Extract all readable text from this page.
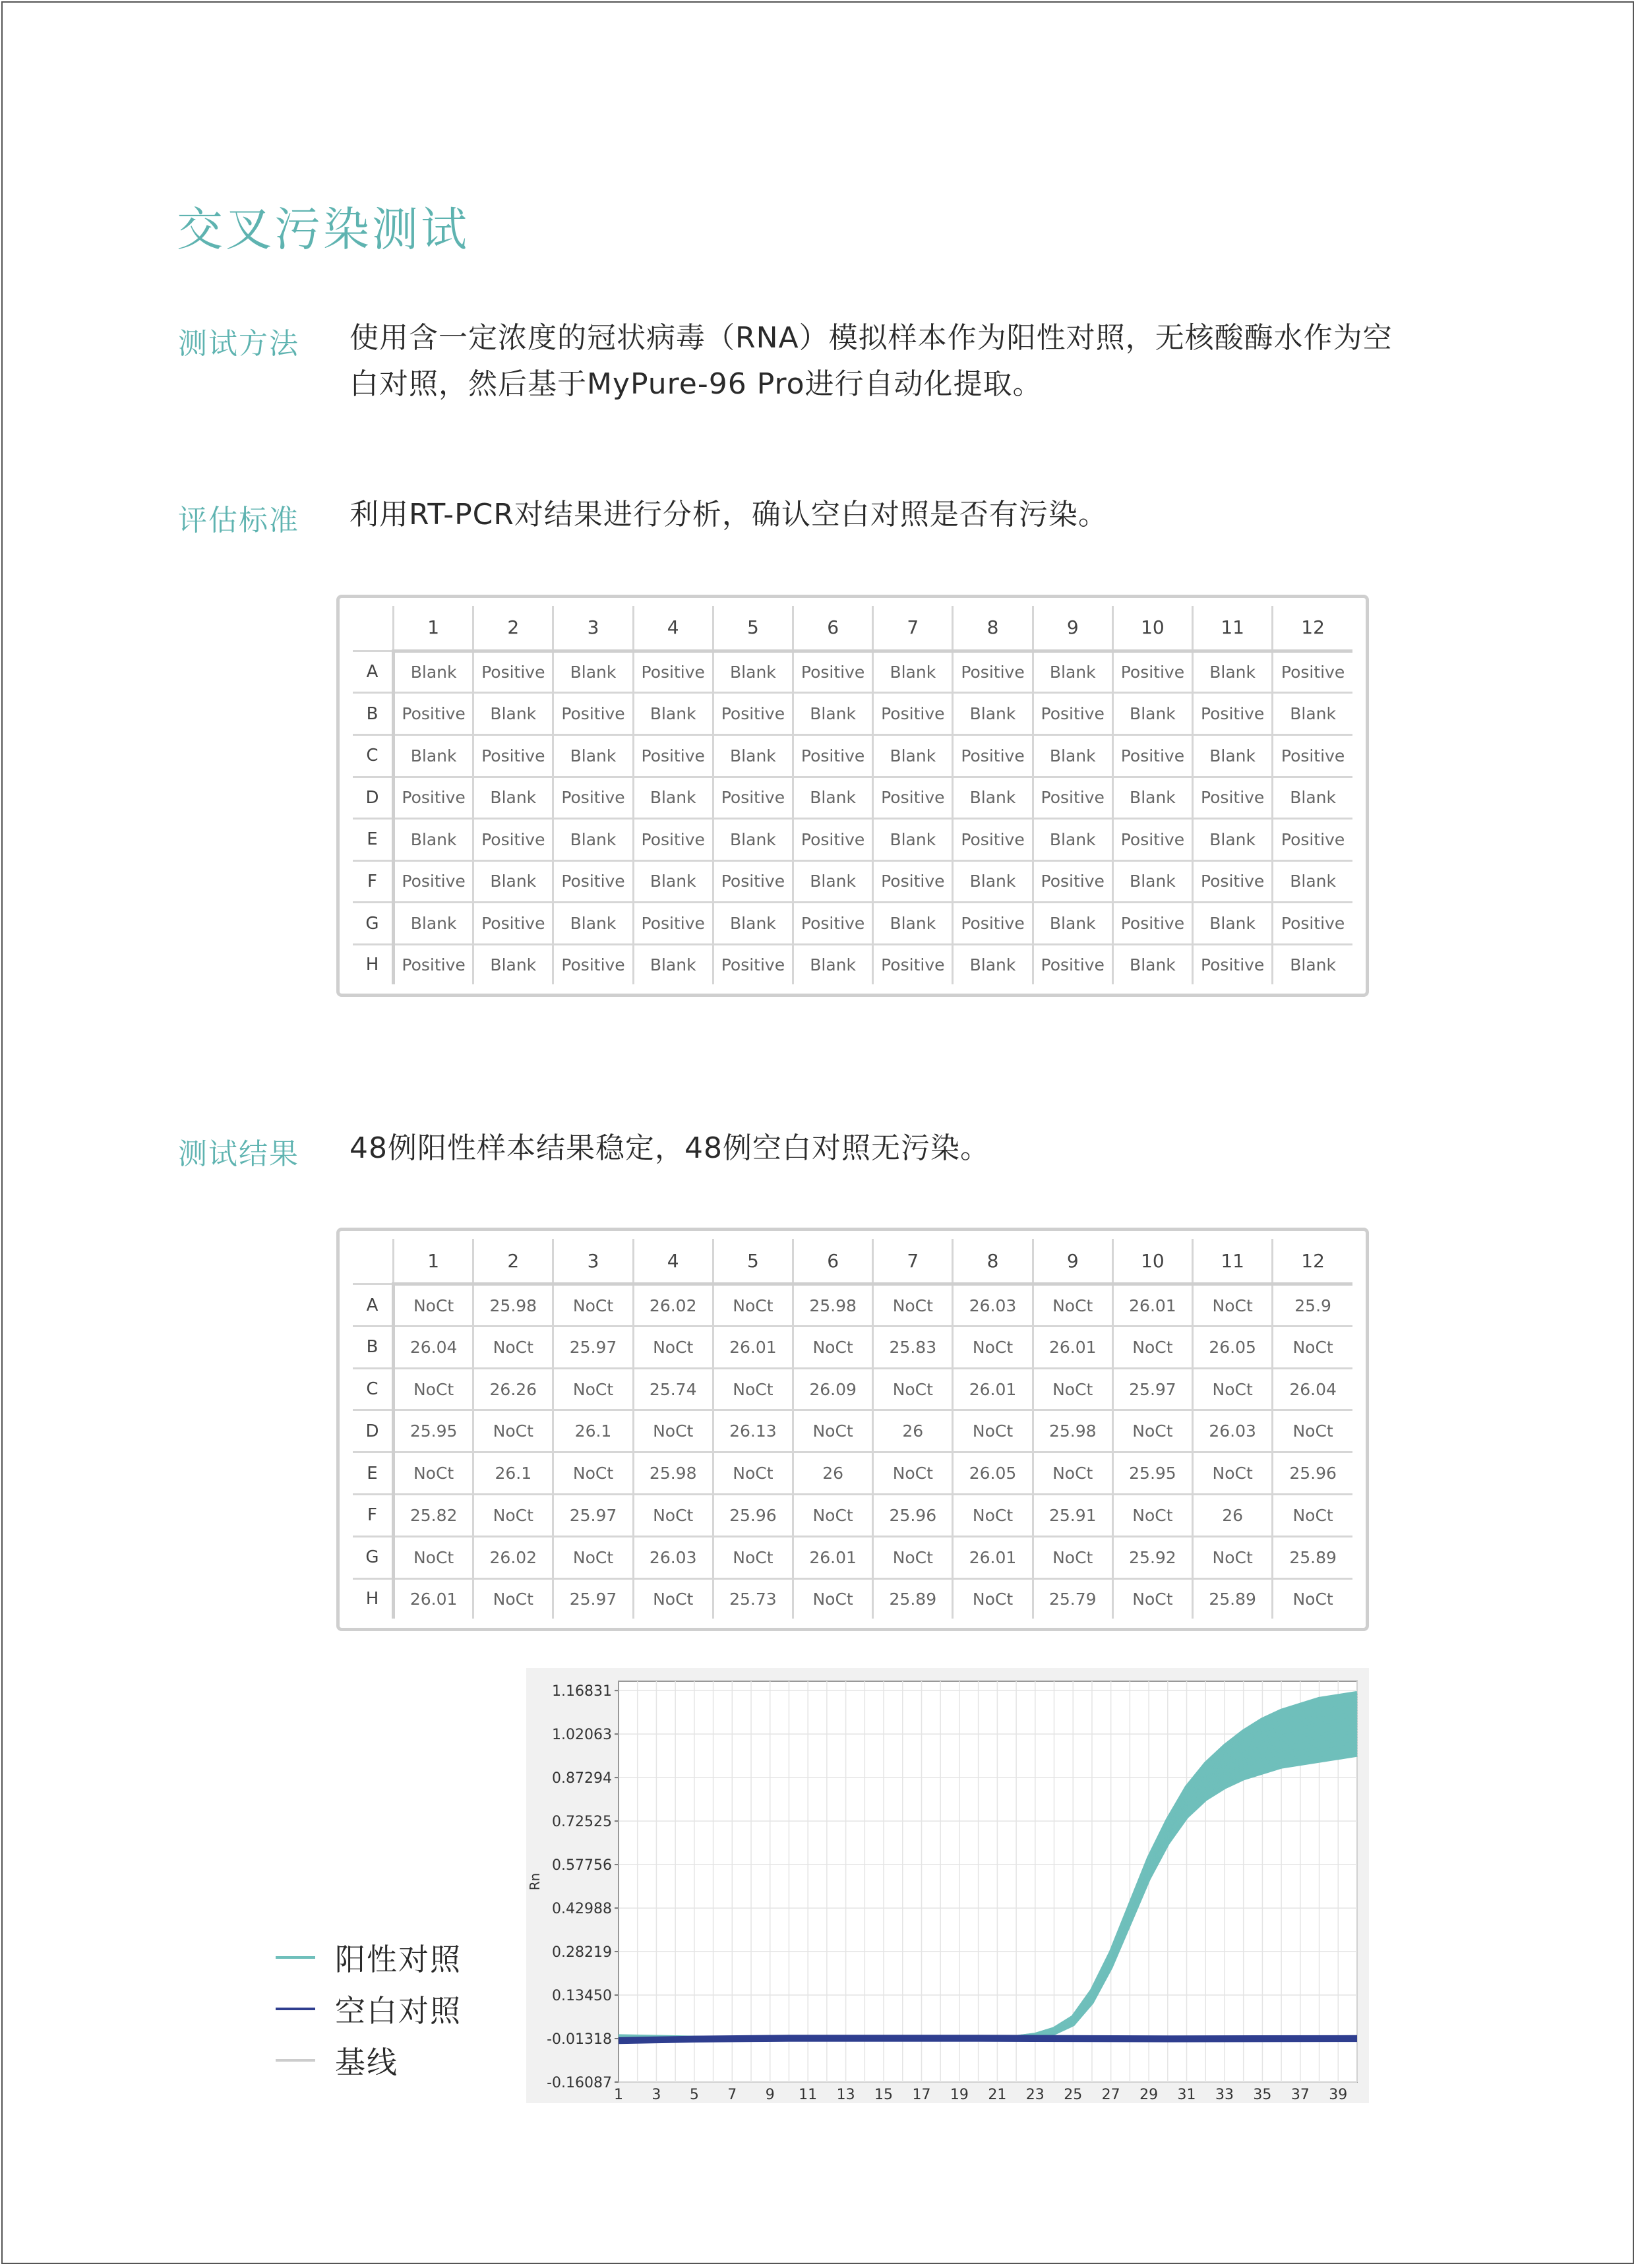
交叉污染测试
测试方法 使用含一定浓度的冠状病毒（RNA）模拟样本作为阳性对照，无核酸酶水作为空
白对照，然后基于MyPure-96 Pro进行自动化提取。
评估标准 利用RT-PCR对结果进行分析，确认空白对照是否有污染。
	1	2	3	4	5	6	7	8	9	10	11	12
A	Blank	Positive	Blank	Positive	Blank	Positive	Blank	Positive	Blank	Positive	Blank	Positive
B	Positive	Blank	Positive	Blank	Positive	Blank	Positive	Blank	Positive	Blank	Positive	Blank
C	Blank	Positive	Blank	Positive	Blank	Positive	Blank	Positive	Blank	Positive	Blank	Positive
D	Positive	Blank	Positive	Blank	Positive	Blank	Positive	Blank	Positive	Blank	Positive	Blank
E	Blank	Positive	Blank	Positive	Blank	Positive	Blank	Positive	Blank	Positive	Blank	Positive
F	Positive	Blank	Positive	Blank	Positive	Blank	Positive	Blank	Positive	Blank	Positive	Blank
G	Blank	Positive	Blank	Positive	Blank	Positive	Blank	Positive	Blank	Positive	Blank	Positive
H	Positive	Blank	Positive	Blank	Positive	Blank	Positive	Blank	Positive	Blank	Positive	Blank
测试结果 48例阳性样本结果稳定，48例空白对照无污染。
	1	2	3	4	5	6	7	8	9	10	11	12
A	NoCt	25.98	NoCt	26.02	NoCt	25.98	NoCt	26.03	NoCt	26.01	NoCt	25.9
B	26.04	NoCt	25.97	NoCt	26.01	NoCt	25.83	NoCt	26.01	NoCt	26.05	NoCt
C	NoCt	26.26	NoCt	25.74	NoCt	26.09	NoCt	26.01	NoCt	25.97	NoCt	26.04
D	25.95	NoCt	26.1	NoCt	26.13	NoCt	26	NoCt	25.98	NoCt	26.03	NoCt
E	NoCt	26.1	NoCt	25.98	NoCt	26	NoCt	26.05	NoCt	25.95	NoCt	25.96
F	25.82	NoCt	25.97	NoCt	25.96	NoCt	25.96	NoCt	25.91	NoCt	26	NoCt
G	NoCt	26.02	NoCt	26.03	NoCt	26.01	NoCt	26.01	NoCt	25.92	NoCt	25.89
H	26.01	NoCt	25.97	NoCt	25.73	NoCt	25.89	NoCt	25.79	NoCt	25.89	NoCt
1.16831
1.02063
0.87294
0.72525
0.57756
0.42988
0.28219
0.13450
-0.01318
-0.16087
1 3 5 7 9 11 13 15 17 19 21 23 25 27 29 31 33 35 37 39
Rn
阳性对照
空白对照
基线
